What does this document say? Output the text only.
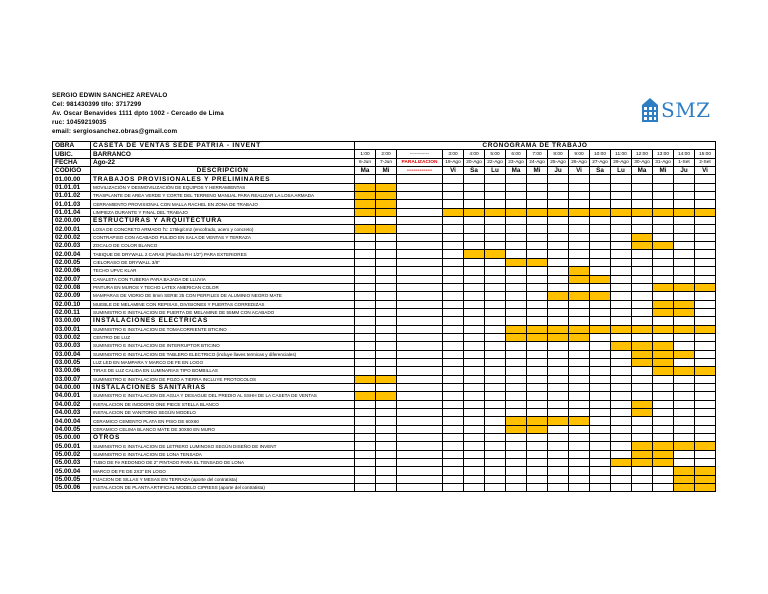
SERGIO EDWIN SANCHEZ AREVALO
Cel: 981430399 tlfo: 3717299
Av. Oscar Benavides 1111 dpto 1002 - Cercado de Lima
ruc: 10459219035
email: sergiosanchez.obras@gmail.com
SMZ
OBRA	CASETA DE VENTAS SEDE PATRIA - INVENT	CRONOGRAMA DE TRABAJO															
UBIC.	BARRANCO	1:00	2:00	------------	3:00	4:00	5:00	6:00	7:00	8:00	9:00	10:00	11:00	12:00	13:00	14:00	15:00
FECHA	Ago-22	6-Jun	7-Jun	PARALIZACION	19-Ago	20-Ago	22-Ago	23-Ago	24-Ago	25-Ago	26-Ago	27-Ago	29-Ago	30-Ago	31-Ago	1-Set	2-Set
CODIGO	DESCRIPCION	Ma	Mi	------------	Vi	Sa	Lu	Ma	Mi	Ju	Vi	Sa	Lu	Ma	Mi	Ju	Vi
01.00.00	TRABAJOS PROVISIONALES Y PRELIMINARES																
01.01.01	MOVILIZACIÓN Y DESMOVILIZACIÓN DE EQUIPOS Y HERRAMIENTAS																
01.01.02	TRASPLANTE DE AREA VERDE Y CORTE DEL TERRENO MANUAL PARA REALIZAR LA LOSA ARMADA																
01.01.03	CERRAMIENTO PROVISIONAL CON MALLA RACHEL EN ZONA DE TRABAJO																
01.01.04	LIMPIEZA DURANTE Y FINAL DEL TRABAJO																
02.00.00	ESTRUCTURAS Y ARQUITECTURA																
02.00.01	LOSA DE CONCRETO ARMADO f'c: 175kg/cm2 (encofrado, acero y concreto)																
02.00.02	CONTRAPISO CON ACABADO PULIDO EN SALA DE VENTAS Y TERRAZA																
02.00.03	ZOCALO DE COLOR BLANCO																
02.00.04	TABIQUE DE DRYWALL 2 CARAS (Plancha RH 1/2") PARA EXTERIORES																
02.00.05	CIELORASO DE DRYWALL 3/8"																
02.00.06	TECHO UPVC KLAR																
02.00.07	CANALETA CON TUBERIA PARA BAJADA DE LLUVIA																
02.00.08	PINTURA EN MUROS Y TECHO LATEX AMERICAN COLOR																
02.00.09	MAMPARAS DE VIDRIO DE 8mm SERIE 25 CON PERFILES DE ALUMINIO NEGRO MATE																
02.00.10	MUEBLE DE MELAMINE CON REPISAS, DIVISIONES Y PUERTAS CORREDIZAS																
02.00.11	SUMINISTRO E INSTALACION DE PUERTA DE MELAMINE DE 55MM CON ACABADO																
03.00.00	INSTALACIONES ELECTRICAS																
03.00.01	SUMINISTRO E INSTALACION DE TOMACORRIENTE BTICINO																
03.00.02	CENTRO DE LUZ																
03.00.03	SUMINISTRO E INSTALACION DE INTERRUPTOR BTICINO																
03.00.04	SUMINISTRO E INSTALACION DE TABLERO ELECTRICO (incluye llaves termicas y diferenciales)																
03.00.05	LUZ LED EN MAMPARA Y MARCO DE FE EN LOGO																
03.00.06	TIRAS DE LUZ CALIDA EN LUMINARIAS TIPO BOMBILLAS																
03.00.07	SUMINISTRO E INSTALACION DE POZO A TIERRA INCLUYE PROTOCOLOS																
04.00.00	INSTALACIONES SANITARIAS																
04.00.01	SUMINISTRO E INSTALACION DE AGUA Y DESAGUE DEL PREDIO AL SSHH DE LA CASETA DE VENTAS																
04.00.02	INSTALACION DE INODORO ONE PIECE STELLA BLANCO																
04.00.03	INSTALACION DE VANITORIO SEGÚN MODELO																
04.00.04	CERAMICO CEMENTO PLATA EN PISO DE 60X60																
04.00.05	CERAMICO CELIMA BLANCO MATE DE 30X60 EN MURO																
05.00.00	OTROS																
05.00.01	SUMINISTRO E INSTALACION DE LETRERO LUMINOSO SEGÚN DISEÑO DE INVENT																
05.00.02	SUMINISTRO E INSTALACION DE LONA TENSADA																
05.00.03	TUBO DE Fe REDONDO DE 2" PINTADO PARA EL TENSADO DE LONA																
05.00.04	MARCO DE FE DE 2X3" EN LOGO																
05.00.05	FIJACION DE SILLAS Y MESAS EN TERRAZA (aporte del contratista)																
05.00.06	INSTALACION DE PLANTA ARTIFICIAL MODELO CIPRESS (aporte del contratista)																
